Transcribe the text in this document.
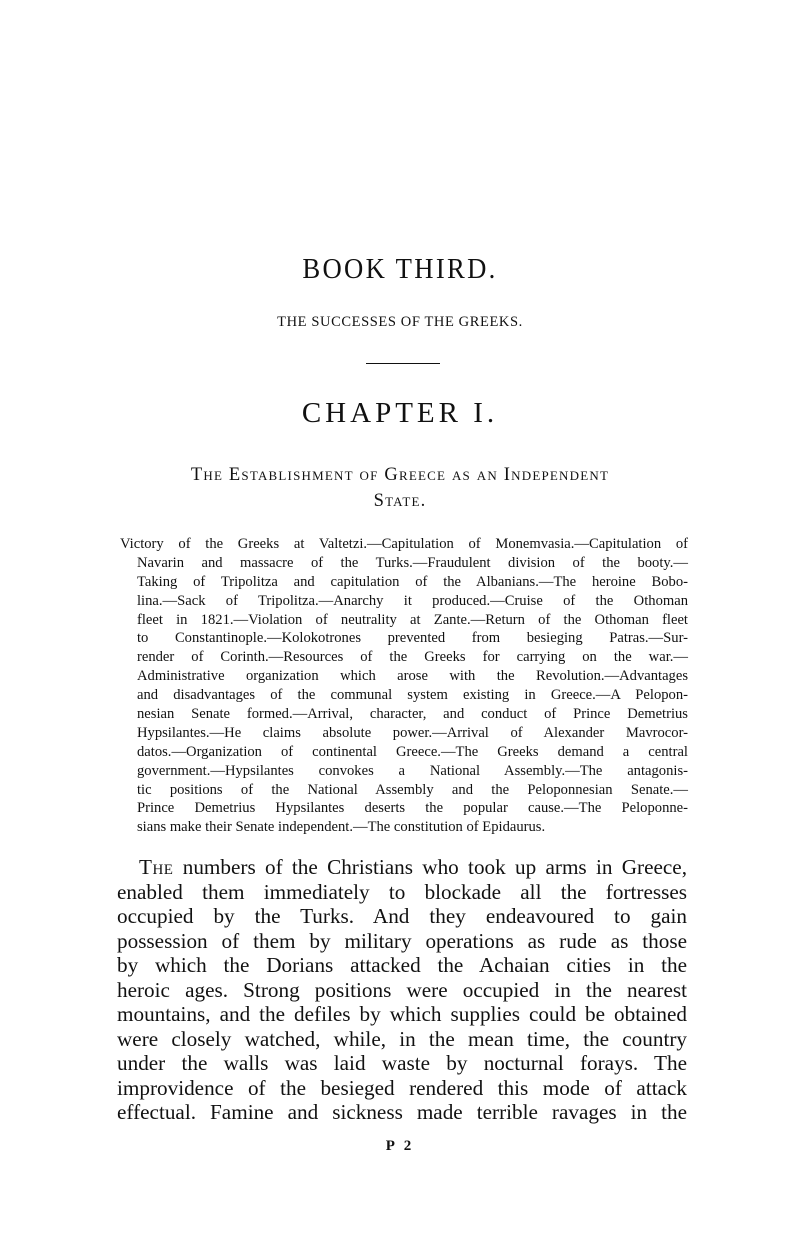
BOOK THIRD.
THE SUCCESSES OF THE GREEKS.
CHAPTER I.
The Establishment of Greece as an Independent
State.
Victory of the Greeks at Valtetzi.—Capitulation of Monemvasia.—Capitulation of
Navarin and massacre of the Turks.—Fraudulent division of the booty.—
Taking of Tripolitza and capitulation of the Albanians.—The heroine Bobo-
lina.—Sack of Tripolitza.—Anarchy it produced.—Cruise of the Othoman
fleet in 1821.—Violation of neutrality at Zante.—Return of the Othoman fleet
to Constantinople.—Kolokotrones prevented from besieging Patras.—Sur-
render of Corinth.—Resources of the Greeks for carrying on the war.—
Administrative organization which arose with the Revolution.—Advantages
and disadvantages of the communal system existing in Greece.—A Pelopon-
nesian Senate formed.—Arrival, character, and conduct of Prince Demetrius
Hypsilantes.—He claims absolute power.—Arrival of Alexander Mavrocor-
datos.—Organization of continental Greece.—The Greeks demand a central
government.—Hypsilantes convokes a National Assembly.—The antagonis-
tic positions of the National Assembly and the Peloponnesian Senate.—
Prince Demetrius Hypsilantes deserts the popular cause.—The Peloponne-
sians make their Senate independent.—The constitution of Epidaurus.
The numbers of the Christians who took up arms in Greece,
enabled them immediately to blockade all the fortresses
occupied by the Turks. And they endeavoured to gain
possession of them by military operations as rude as those
by which the Dorians attacked the Achaian cities in the
heroic ages. Strong positions were occupied in the nearest
mountains, and the defiles by which supplies could be obtained
were closely watched, while, in the mean time, the country
under the walls was laid waste by nocturnal forays. The
improvidence of the besieged rendered this mode of attack
effectual. Famine and sickness made terrible ravages in the
P 2
